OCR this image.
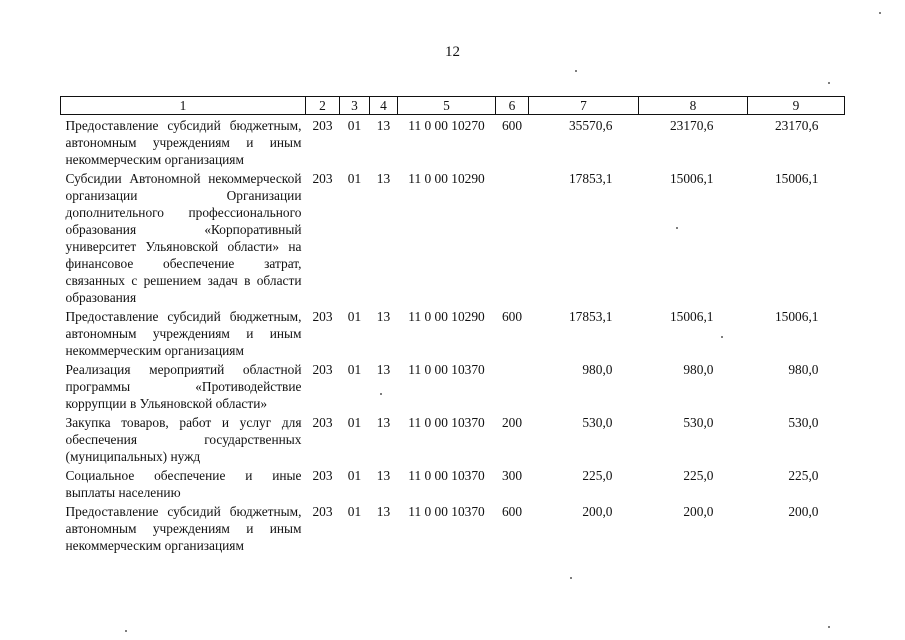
12
1	2	3	4	5	6	7	8	9
Предоставление субсидий бюджетным, автономным учреждениям и иным некоммерческим организациям	203	01	13	11 0 00 10270	600	35570,6	23170,6	23170,6
Субсидии Автономной некоммерческой организации Организации дополнительного профессионального образования «Корпоративный университет Ульяновской области» на финансовое обеспечение затрат, связанных с решением задач в области образования	203	01	13	11 0 00 10290		17853,1	15006,1	15006,1
Предоставление субсидий бюджетным, автономным учреждениям и иным некоммерческим организациям	203	01	13	11 0 00 10290	600	17853,1	15006,1	15006,1
Реализация мероприятий областной программы «Противодействие коррупции в Ульяновской области»	203	01	13	11 0 00 10370		980,0	980,0	980,0
Закупка товаров, работ и услуг для обеспечения государственных (муниципальных) нужд	203	01	13	11 0 00 10370	200	530,0	530,0	530,0
Социальное обеспечение и иные выплаты населению	203	01	13	11 0 00 10370	300	225,0	225,0	225,0
Предоставление субсидий бюджетным, автономным учреждениям и иным некоммерческим организациям	203	01	13	11 0 00 10370	600	200,0	200,0	200,0
